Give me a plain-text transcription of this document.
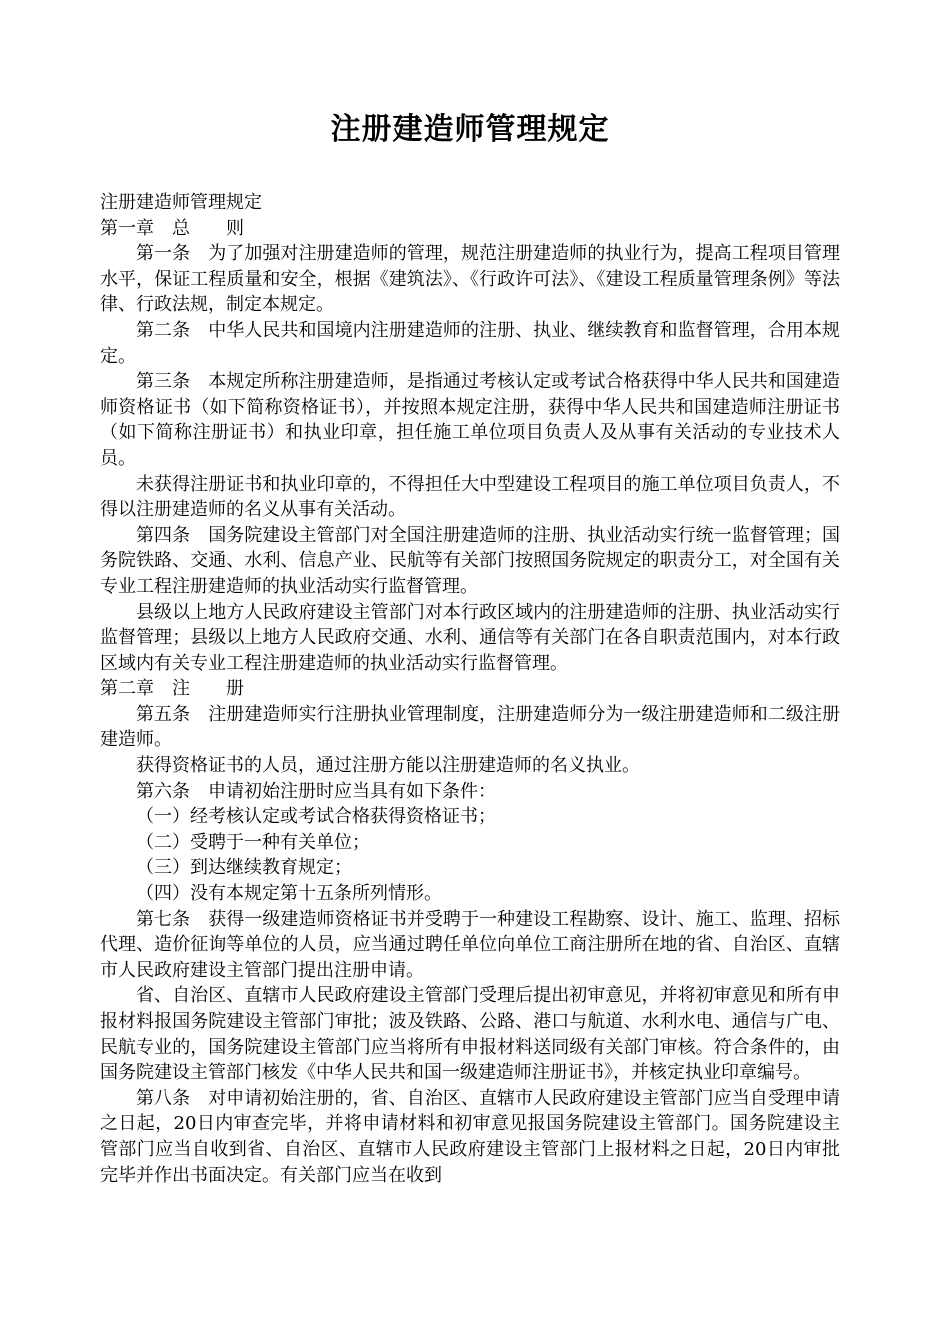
注册建造师管理规定

注册建造师管理规定

第一章　总　　则

第一条　为了加强对注册建造师的管理，规范注册建造师的执业行为，提高工程项目管理水平，保证工程质量和安全，根据《建筑法》、《行政许可法》、《建设工程质量管理条例》等法律、行政法规，制定本规定。

第二条　中华人民共和国境内注册建造师的注册、执业、继续教育和监督管理，合用本规定。

第三条　本规定所称注册建造师，是指通过考核认定或考试合格获得中华人民共和国建造师资格证书（如下简称资格证书），并按照本规定注册，获得中华人民共和国建造师注册证书（如下简称注册证书）和执业印章，担任施工单位项目负责人及从事有关活动的专业技术人员。

未获得注册证书和执业印章的，不得担任大中型建设工程项目的施工单位项目负责人，不得以注册建造师的名义从事有关活动。

第四条　国务院建设主管部门对全国注册建造师的注册、执业活动实行统一监督管理；国务院铁路、交通、水利、信息产业、民航等有关部门按照国务院规定的职责分工，对全国有关专业工程注册建造师的执业活动实行监督管理。

县级以上地方人民政府建设主管部门对本行政区域内的注册建造师的注册、执业活动实行监督管理；县级以上地方人民政府交通、水利、通信等有关部门在各自职责范围内，对本行政区域内有关专业工程注册建造师的执业活动实行监督管理。

第二章　注　　册

第五条　注册建造师实行注册执业管理制度，注册建造师分为一级注册建造师和二级注册建造师。

获得资格证书的人员，通过注册方能以注册建造师的名义执业。

第六条　申请初始注册时应当具有如下条件：

（一）经考核认定或考试合格获得资格证书；

（二）受聘于一种有关单位；

（三）到达继续教育规定；

（四）没有本规定第十五条所列情形。

第七条　获得一级建造师资格证书并受聘于一种建设工程勘察、设计、施工、监理、招标代理、造价征询等单位的人员，应当通过聘任单位向单位工商注册所在地的省、自治区、直辖市人民政府建设主管部门提出注册申请。

省、自治区、直辖市人民政府建设主管部门受理后提出初审意见，并将初审意见和所有申报材料报国务院建设主管部门审批；波及铁路、公路、港口与航道、水利水电、通信与广电、民航专业的，国务院建设主管部门应当将所有申报材料送同级有关部门审核。符合条件的，由国务院建设主管部门核发《中华人民共和国一级建造师注册证书》，并核定执业印章编号。

第八条　对申请初始注册的，省、自治区、直辖市人民政府建设主管部门应当自受理申请之日起，20日内审查完毕，并将申请材料和初审意见报国务院建设主管部门。国务院建设主管部门应当自收到省、自治区、直辖市人民政府建设主管部门上报材料之日起，20日内审批完毕并作出书面决定。有关部门应当在收到
